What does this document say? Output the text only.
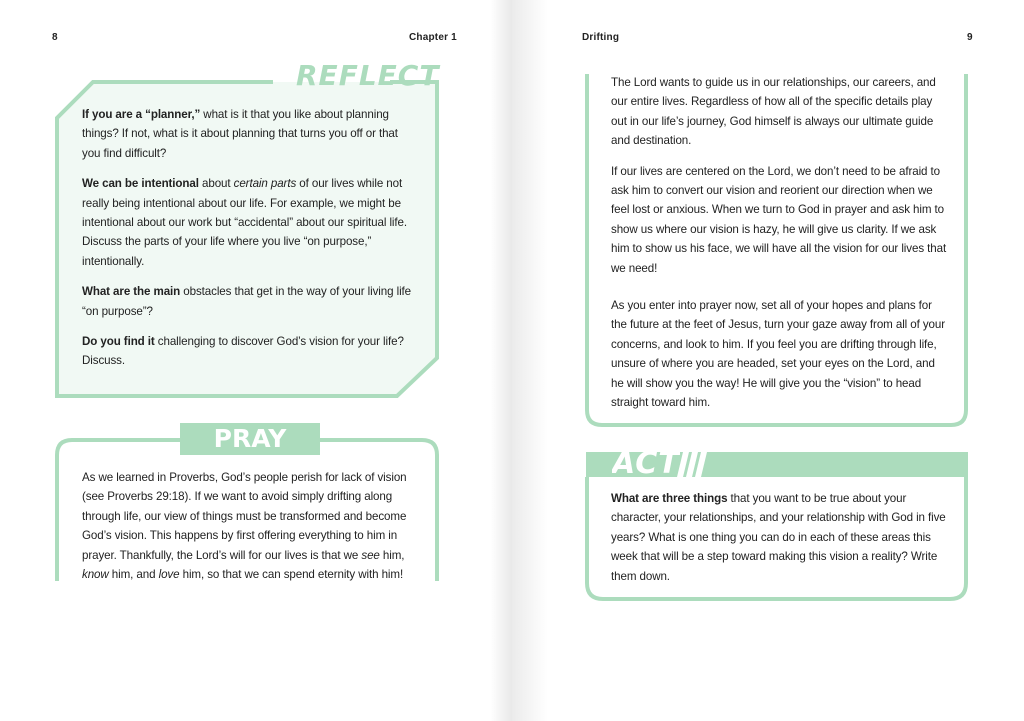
8	Chapter 1
REFLECT

If you are a “planner,” what is it that you like about planning things? If not, what is it about planning that turns you off or that you find difficult?

We can be intentional about certain parts of our lives while not really being intentional about our life. For example, we might be intentional about our work but “accidental” about our spiritual life. Discuss the parts of your life where you live “on purpose,” intentionally.

What are the main obstacles that get in the way of your living life “on purpose”?

Do you find it challenging to discover God’s vision for your life? Discuss.

PRAY

As we learned in Proverbs, God’s people perish for lack of vision (see Proverbs 29:18). If we want to avoid simply drifting along through life, our view of things must be transformed and become God’s vision. This happens by first offering everything to him in prayer. Thankfully, the Lord’s will for our lives is that we see him, know him, and love him, so that we can spend eternity with him!

Drifting	9

The Lord wants to guide us in our relationships, our careers, and our entire lives. Regardless of how all of the specific details play out in our life’s journey, God himself is always our ultimate guide and destination.

If our lives are centered on the Lord, we don’t need to be afraid to ask him to convert our vision and reorient our direction when we feel lost or anxious. When we turn to God in prayer and ask him to show us where our vision is hazy, he will give us clarity. If we ask him to show us his face, we will have all the vision for our lives that we need!

As you enter into prayer now, set all of your hopes and plans for the future at the feet of Jesus, turn your gaze away from all of your concerns, and look to him. If you feel you are drifting through life, unsure of where you are headed, set your eyes on the Lord, and he will show you the way! He will give you the “vision” to head straight toward him.

ACT

What are three things that you want to be true about your character, your relationships, and your relationship with God in five years? What is one thing you can do in each of these areas this week that will be a step toward making this vision a reality? Write them down.
